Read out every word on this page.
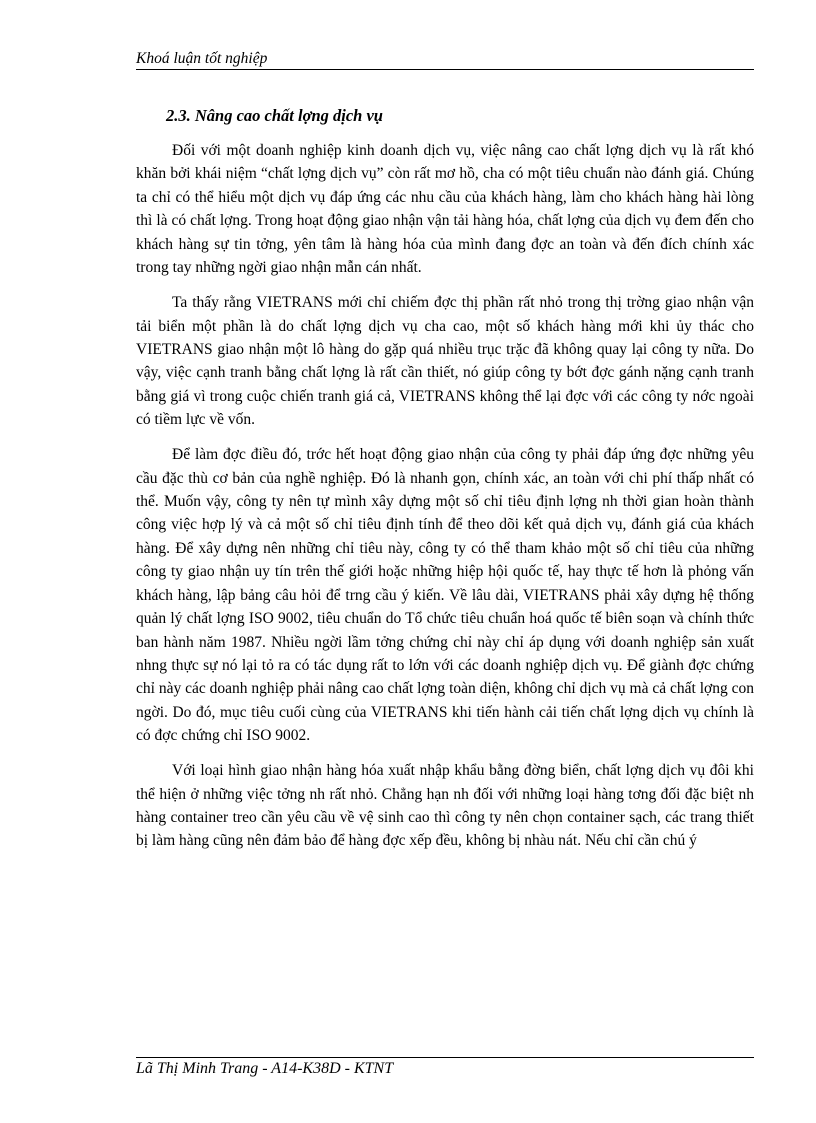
Khoá luận tốt nghiệp
2.3. Nâng cao chất lợng dịch vụ

Đối với một doanh nghiệp kinh doanh dịch vụ, việc nâng cao chất lợng dịch vụ là rất khó khăn bởi khái niệm “chất lợng dịch vụ” còn rất mơ hồ, cha có một tiêu chuẩn nào đánh giá. Chúng ta chỉ có thể hiểu một dịch vụ đáp ứng các nhu cầu của khách hàng, làm cho khách hàng hài lòng thì là có chất lợng. Trong hoạt động giao nhận vận tải hàng hóa, chất lợng của dịch vụ đem đến cho khách hàng sự tin tởng, yên tâm là hàng hóa của mình đang đợc an toàn và đến đích chính xác trong tay những ngời giao nhận mẫn cán nhất.

Ta thấy rằng VIETRANS mới chỉ chiếm đợc thị phần rất nhỏ trong thị trờng giao nhận vận tải biển một phần là do chất lợng dịch vụ cha cao, một số khách hàng mới khi ủy thác cho VIETRANS giao nhận một lô hàng do gặp quá nhiều trục trặc đã không quay lại công ty nữa. Do vậy, việc cạnh tranh bằng chất lợng là rất cần thiết, nó giúp công ty bớt đợc gánh nặng cạnh tranh bằng giá vì trong cuộc chiến tranh giá cả, VIETRANS không thể lại đợc với các công ty nớc ngoài có tiềm lực về vốn.

Để làm đợc điều đó, trớc hết hoạt động giao nhận của công ty phải đáp ứng đợc những yêu cầu đặc thù cơ bản của nghề nghiệp. Đó là nhanh gọn, chính xác, an toàn với chi phí thấp nhất có thể. Muốn vậy, công ty nên tự mình xây dựng một số chỉ tiêu định lợng nh thời gian hoàn thành công việc hợp lý và cả một số chỉ tiêu định tính để theo dõi kết quả dịch vụ, đánh giá của khách hàng. Để xây dựng nên những chỉ tiêu này, công ty có thể tham khảo một số chỉ tiêu của những công ty giao nhận uy tín trên thế giới hoặc những hiệp hội quốc tế, hay thực tế hơn là phỏng vấn khách hàng, lập bảng câu hỏi để trng cầu ý kiến. Về lâu dài, VIETRANS phải xây dựng hệ thống quản lý chất lợng ISO 9002, tiêu chuẩn do Tổ chức tiêu chuẩn hoá quốc tế biên soạn và chính thức ban hành năm 1987. Nhiều ngời lầm tởng chứng chỉ này chỉ áp dụng với doanh nghiệp sản xuất nhng thực sự nó lại tỏ ra có tác dụng rất to lớn với các doanh nghiệp dịch vụ. Để giành đợc chứng chỉ này các doanh nghiệp phải nâng cao chất lợng toàn diện, không chỉ dịch vụ mà cả chất lợng con ngời. Do đó, mục tiêu cuối cùng của VIETRANS khi tiến hành cải tiến chất lợng dịch vụ chính là có đợc chứng chỉ ISO 9002.

Với loại hình giao nhận hàng hóa xuất nhập khẩu bằng đờng biển, chất lợng dịch vụ đôi khi thể hiện ở những việc tởng nh rất nhỏ. Chẳng hạn nh đối với những loại hàng tơng đối đặc biệt nh hàng container treo cần yêu cầu về vệ sinh cao thì công ty nên chọn container sạch, các trang thiết bị làm hàng cũng nên đảm bảo để hàng đợc xếp đều, không bị nhàu nát. Nếu chỉ cần chú ý

Lã Thị Minh Trang - A14-K38D - KTNT
